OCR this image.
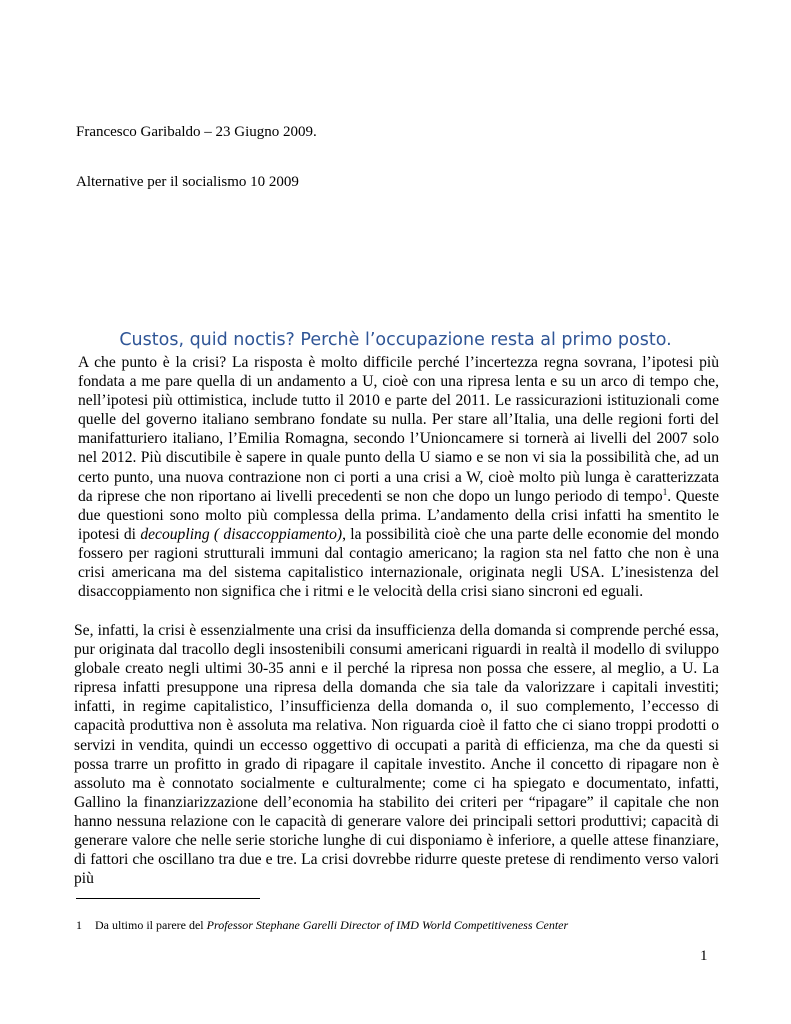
Francesco Garibaldo – 23 Giugno 2009.
Alternative per il socialismo 10 2009
Custos, quid noctis? Perchè l’occupazione resta al primo posto.

A che punto è la crisi? La risposta è molto difficile perché l’incertezza regna sovrana, l’ipotesi più fondata a me pare quella di un andamento a U, cioè con una ripresa lenta e su un arco di tempo che, nell’ipotesi più ottimistica, include tutto il 2010 e parte del 2011. Le rassicurazioni istituzionali come quelle del governo italiano sembrano fondate su nulla. Per stare all’Italia, una delle regioni forti del manifatturiero italiano, l’Emilia Romagna, secondo l’Unioncamere si tornerà ai livelli del 2007 solo nel 2012. Più discutibile è sapere in quale punto della U siamo e se non vi sia la possibilità che, ad un certo punto, una nuova contrazione non ci porti a una crisi a W, cioè molto più lunga è caratterizzata da riprese che non riportano ai livelli precedenti se non che dopo un lungo periodo di tempo$^1$. Queste due questioni sono molto più complessa della prima. L’andamento della crisi infatti ha smentito le ipotesi di decoupling ( disaccoppiamento), la possibilità cioè che una parte delle economie del mondo fossero per ragioni strutturali immuni dal contagio americano; la ragion sta nel fatto che non è una crisi americana ma del sistema capitalistico internazionale, originata negli USA. L’inesistenza del disaccoppiamento non significa che i ritmi e le velocità della crisi siano sincroni ed eguali.

Se, infatti, la crisi è essenzialmente una crisi da insufficienza della domanda si comprende perché essa, pur originata dal tracollo degli insostenibili consumi americani riguardi in realtà il modello di sviluppo globale creato negli ultimi 30-35 anni e il perché la ripresa non possa che essere, al meglio, a U. La ripresa infatti presuppone una ripresa della domanda che sia tale da valorizzare i capitali investiti; infatti, in regime capitalistico, l’insufficienza della domanda o, il suo complemento, l’eccesso di capacità produttiva non è assoluta ma relativa. Non riguarda cioè il fatto che ci siano troppi prodotti o servizi in vendita, quindi un eccesso oggettivo di occupati a parità di efficienza, ma che da questi si possa trarre un profitto in grado di ripagare il capitale investito. Anche il concetto di ripagare non è assoluto ma è connotato socialmente e culturalmente; come ci ha spiegato e documentato, infatti, Gallino la finanziarizzazione dell’economia ha stabilito dei criteri per “ripagare” il capitale che non hanno nessuna relazione con le capacità di generare valore dei principali settori produttivi; capacità di generare valore che nelle serie storiche lunghe di cui disponiamo è inferiore, a quelle attese finanziare, di fattori che oscillano tra due e tre. La crisi dovrebbe ridurre queste pretese di rendimento verso valori più

1 Da ultimo il parere del Professor Stephane Garelli Director of IMD World Competitiveness Center
1
